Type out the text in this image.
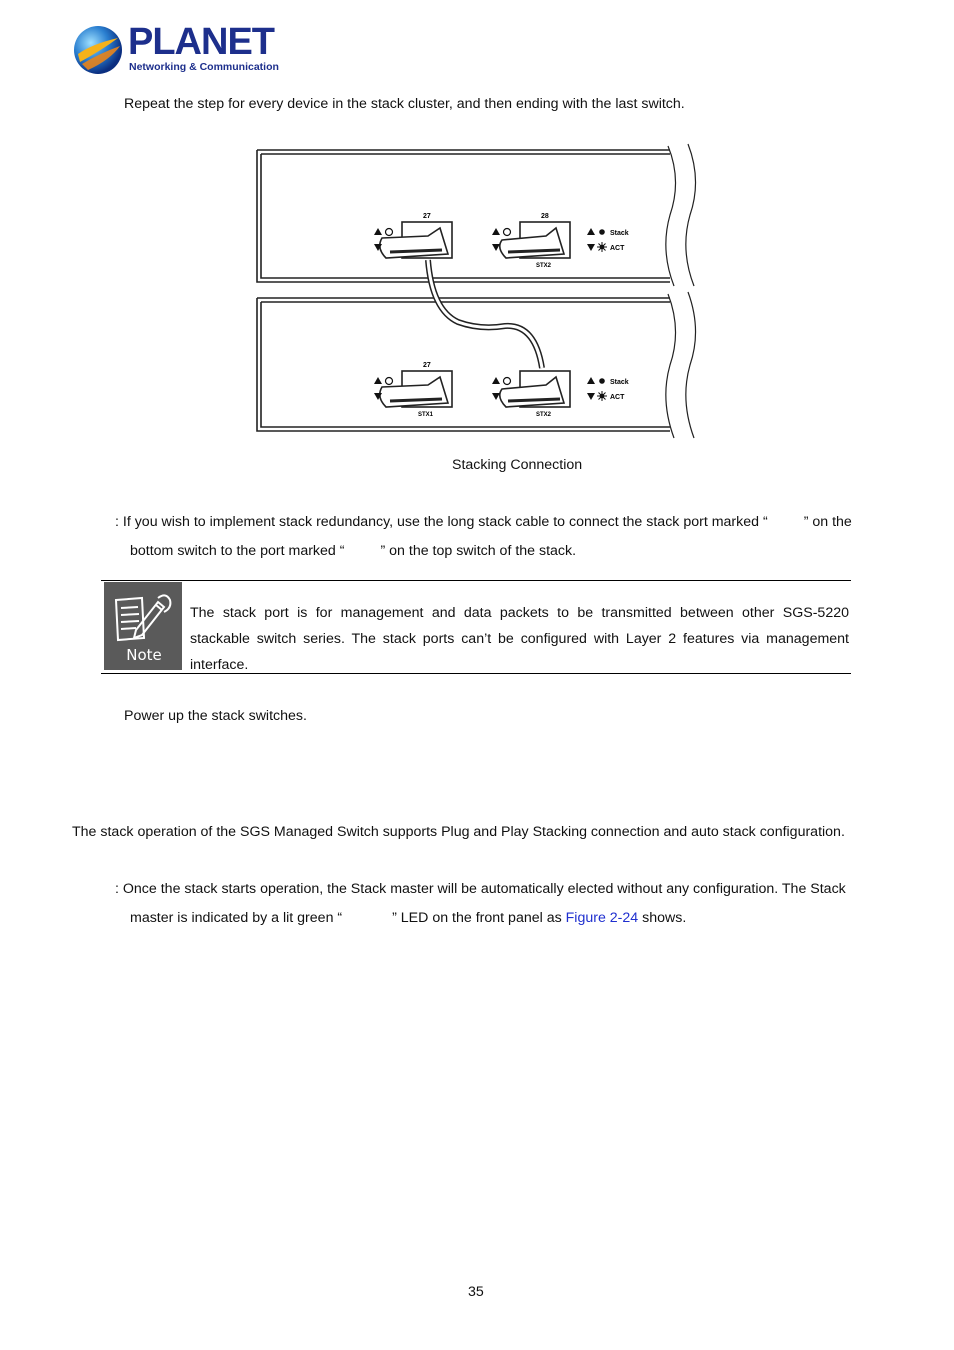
PLANET
Networking & Communication
Repeat the step for every device in the stack cluster, and then ending with the last switch.
27	28
STX2
Stack
ACT
27
STX1	STX2
Stack
ACT
Stacking Connection
: If you wish to implement stack redundancy, use the long stack cable to connect the stack port marked “	” on the
bottom switch to the port marked “	” on the top switch of the stack.
Note
The stack port is for management and data packets to be transmitted between other SGS-5220 stackable switch series. The stack ports can’t be configured with Layer 2 features via management interface.
Power up the stack switches.
The stack operation of the SGS Managed Switch supports Plug and Play Stacking connection and auto stack configuration.
: Once the stack starts operation, the Stack master will be automatically elected without any configuration. The Stack
master is indicated by a lit green “	” LED on the front panel as Figure 2-24 shows.
35
